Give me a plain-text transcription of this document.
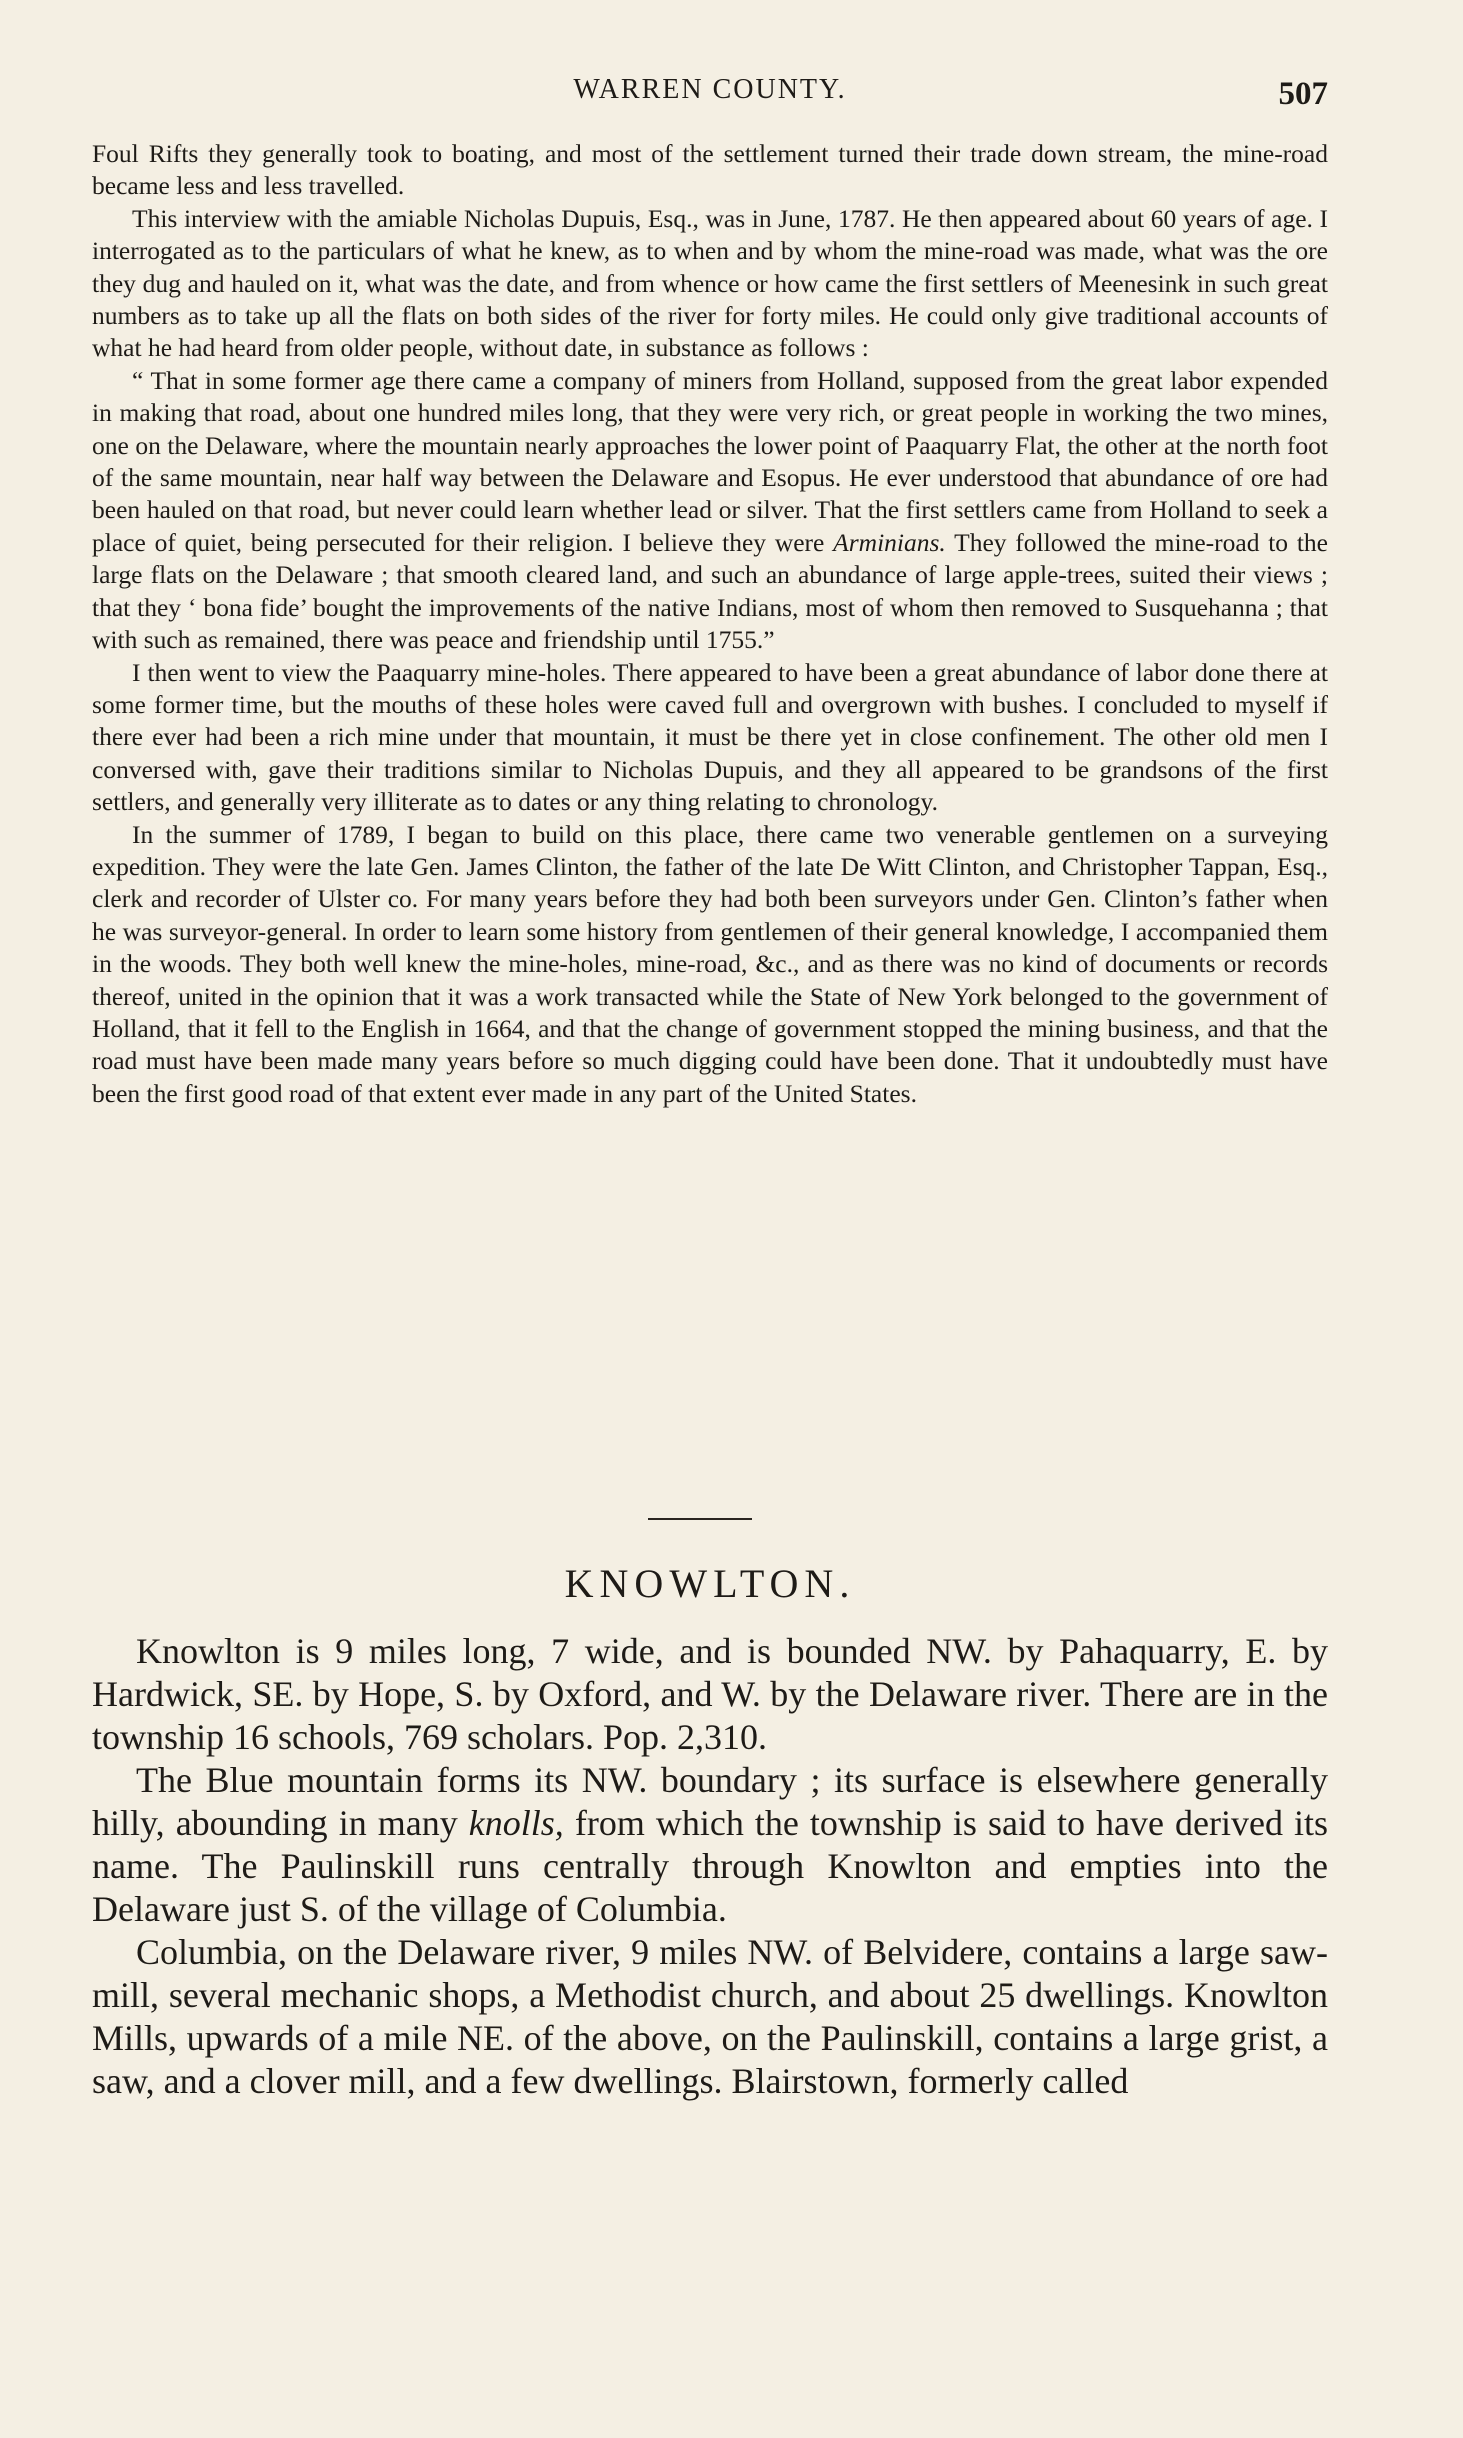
WARREN COUNTY.	507

Foul Rifts they generally took to boating, and most of the settlement turned their trade down stream, the mine-road became less and less travelled.

This interview with the amiable Nicholas Dupuis, Esq., was in June, 1787. He then appeared about 60 years of age. I interrogated as to the particulars of what he knew, as to when and by whom the mine-road was made, what was the ore they dug and hauled on it, what was the date, and from whence or how came the first settlers of Meenesink in such great numbers as to take up all the flats on both sides of the river for forty miles. He could only give traditional accounts of what he had heard from older people, without date, in substance as follows :

“ That in some former age there came a company of miners from Holland, supposed from the great labor expended in making that road, about one hundred miles long, that they were very rich, or great people in working the two mines, one on the Delaware, where the mountain nearly approaches the lower point of Paaquarry Flat, the other at the north foot of the same mountain, near half way between the Delaware and Esopus. He ever understood that abundance of ore had been hauled on that road, but never could learn whether lead or silver. That the first settlers came from Holland to seek a place of quiet, being persecuted for their religion. I believe they were Arminians. They followed the mine-road to the large flats on the Delaware ; that smooth cleared land, and such an abundance of large apple-trees, suited their views ; that they ‘ bona fide’ bought the improvements of the native Indians, most of whom then removed to Susquehanna ; that with such as remained, there was peace and friendship until 1755.”

I then went to view the Paaquarry mine-holes. There appeared to have been a great abundance of labor done there at some former time, but the mouths of these holes were caved full and overgrown with bushes. I concluded to myself if there ever had been a rich mine under that mountain, it must be there yet in close confinement. The other old men I conversed with, gave their traditions similar to Nicholas Dupuis, and they all appeared to be grandsons of the first settlers, and generally very illiterate as to dates or any thing relating to chronology.

In the summer of 1789, I began to build on this place, there came two venerable gentlemen on a surveying expedition. They were the late Gen. James Clinton, the father of the late De Witt Clinton, and Christopher Tappan, Esq., clerk and recorder of Ulster co. For many years before they had both been surveyors under Gen. Clinton’s father when he was surveyor-general. In order to learn some history from gentlemen of their general knowledge, I accompanied them in the woods. They both well knew the mine-holes, mine-road, &c., and as there was no kind of documents or records thereof, united in the opinion that it was a work transacted while the State of New York belonged to the government of Holland, that it fell to the English in 1664, and that the change of government stopped the mining business, and that the road must have been made many years before so much digging could have been done. That it undoubtedly must have been the first good road of that extent ever made in any part of the United States.

KNOWLTON.

Knowlton is 9 miles long, 7 wide, and is bounded NW. by Pahaquarry, E. by Hardwick, SE. by Hope, S. by Oxford, and W. by the Delaware river. There are in the township 16 schools, 769 scholars. Pop. 2,310.

The Blue mountain forms its NW. boundary ; its surface is elsewhere generally hilly, abounding in many knolls, from which the township is said to have derived its name. The Paulinskill runs centrally through Knowlton and empties into the Delaware just S. of the village of Columbia.

Columbia, on the Delaware river, 9 miles NW. of Belvidere, contains a large saw-mill, several mechanic shops, a Methodist church, and about 25 dwellings. Knowlton Mills, upwards of a mile NE. of the above, on the Paulinskill, contains a large grist, a saw, and a clover mill, and a few dwellings. Blairstown, formerly called
